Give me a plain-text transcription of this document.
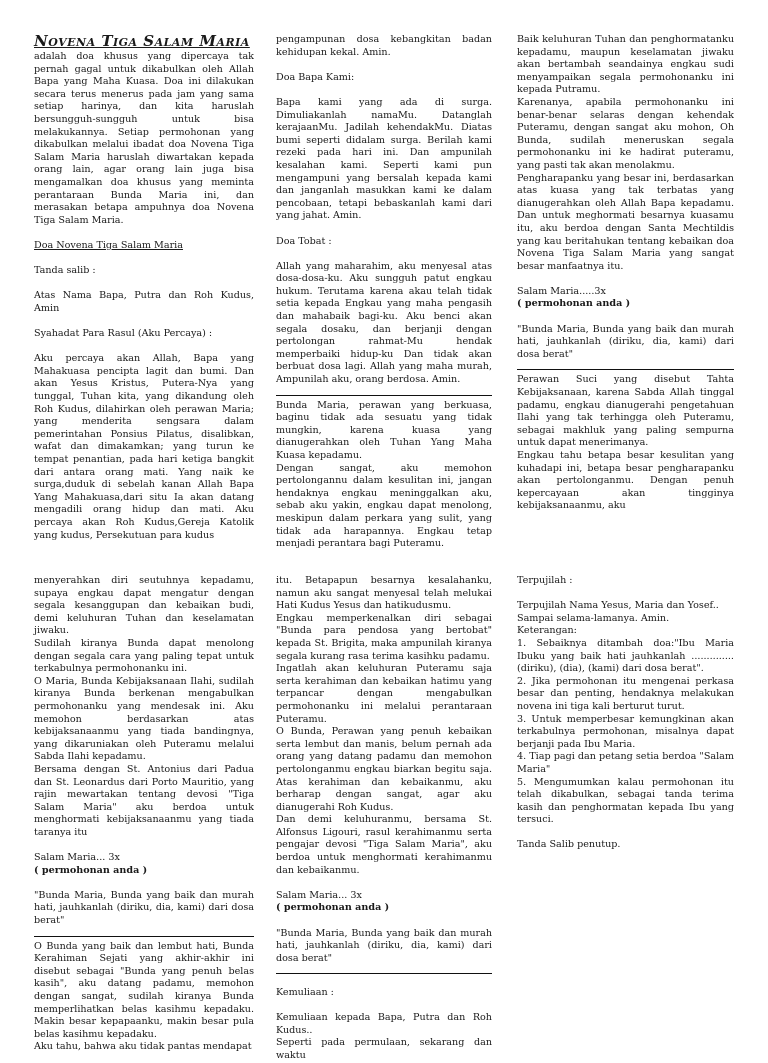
Novena Tiga Salam Maria

adalah doa khusus yang dipercaya tak pernah gagal untuk dikabulkan oleh Allah Bapa yang Maha Kuasa. Doa ini dilakukan secara terus menerus pada jam yang sama setiap harinya, dan kita haruslah bersungguh-sungguh untuk bisa melakukannya. Setiap permohonan yang dikabulkan melalui ibadat doa Novena Tiga Salam Maria haruslah diwartakan kepada orang lain, agar orang lain juga bisa mengamalkan doa khusus yang meminta perantaraan Bunda Maria ini, dan merasakan betapa ampuhnya doa Novena Tiga Salam Maria.

Doa Novena Tiga Salam Maria

Tanda salib :

Atas Nama Bapa, Putra dan Roh Kudus, Amin

Syahadat Para Rasul (Aku Percaya) :

Aku percaya akan Allah, Bapa yang Mahakuasa pencipta lagit dan bumi. Dan akan Yesus Kristus, Putera-Nya yang tunggal, Tuhan kita, yang dikandung oleh Roh Kudus, dilahirkan oleh perawan Maria; yang menderita sengsara dalam pemerintahan Ponsius Pilatus, disalibkan, wafat dan dimakamkan; yang turun ke tempat penantian, pada hari ketiga bangkit dari antara orang mati. Yang naik ke surga,duduk di sebelah kanan Allah Bapa Yang Mahakuasa,dari situ Ia akan datang mengadili orang hidup dan mati. Aku percaya akan Roh Kudus,Gereja Katolik yang kudus, Persekutuan para kudus

pengampunan dosa kebangkitan badan kehidupan kekal. Amin.

Doa Bapa Kami:

Bapa kami yang ada di surga. Dimuliakanlah namaMu. Datanglah kerajaanMu. Jadilah kehendakMu. Diatas bumi seperti didalam surga. Berilah kami rezeki pada hari ini. Dan ampunilah kesalahan kami. Seperti kami pun mengampuni yang bersalah kepada kami dan janganlah masukkan kami ke dalam pencobaan, tetapi bebaskanlah kami dari yang jahat. Amin.

Doa Tobat :

Allah yang maharahim, aku menyesal atas dosa-dosa-ku. Aku sungguh patut engkau hukum. Terutama karena akau telah tidak setia kepada Engkau yang maha pengasih dan mahabaik bagi-ku. Aku benci akan segala dosaku, dan berjanji dengan pertolongan rahmat-Mu hendak memperbaiki hidup-ku Dan tidak akan berbuat dosa lagi. Allah yang maha murah, Ampunilah aku, orang berdosa. Amin.

Bunda Maria, perawan yang berkuasa, baginu tidak ada sesuatu yang tidak mungkin, karena kuasa yang dianugerahkan oleh Tuhan Yang Maha Kuasa kepadamu.
Dengan sangat, aku memohon pertolongannu dalam kesulitan ini, jangan hendaknya engkau meninggalkan aku, sebab aku yakin, engkau dapat menolong, meskipun dalam perkara yang sulit, yang tidak ada harapannya. Engkau tetap menjadi perantara bagi Puteramu.

Baik keluhuran Tuhan dan penghormatanku kepadamu, maupun keselamatan jiwaku akan bertambah seandainya engkau sudi menyampaikan segala permohonanku ini kepada Putramu.
Karenanya, apabila permohonanku ini benar-benar selaras dengan kehendak Puteramu, dengan sangat aku mohon, Oh Bunda, sudilah meneruskan segala permohonanku ini ke hadirat puteramu, yang pasti tak akan menolakmu.
Pengharapanku yang besar ini, berdasarkan atas kuasa yang tak terbatas yang dianugerahkan oleh Allah Bapa kepadamu. Dan untuk meghormati besarnya kuasamu itu, aku berdoa dengan Santa Mechtildis yang kau beritahukan tentang kebaikan doa Novena Tiga Salam Maria yang sangat besar manfaatnya itu.

Salam Maria.....3x

( permohonan anda )

"Bunda Maria, Bunda yang baik dan murah hati, jauhkanlah (diriku, dia, kami) dari dosa berat"

Perawan Suci yang disebut Tahta Kebijaksanaan, karena Sabda Allah tinggal padamu, engkau dianugerahi pengetahuan Ilahi yang tak terhingga oleh Puteramu, sebagai makhluk yang paling sempurna untuk dapat menerimanya.
Engkau tahu betapa besar kesulitan yang kuhadapi ini, betapa besar pengharapanku akan pertolonganmu. Dengan penuh kepercayaan akan tingginya kebijaksanaanmu, aku

menyerahkan diri seutuhnya kepadamu, supaya engkau dapat mengatur dengan segala kesanggupan dan kebaikan budi, demi keluhuran Tuhan dan keselamatan jiwaku.
Sudilah kiranya Bunda dapat menolong dengan segala cara yang paling tepat untuk terkabulnya permohonanku ini.
O Maria, Bunda Kebijaksanaan Ilahi, sudilah kiranya Bunda berkenan mengabulkan permohonanku yang mendesak ini. Aku memohon berdasarkan atas kebijaksanaanmu yang tiada bandingnya, yang dikaruniakan oleh Puteramu melalui Sabda Ilahi kepadamu.
Bersama dengan St. Antonius dari Padua dan St. Leonardus dari Porto Mauritio, yang rajin mewartakan tentang devosi "Tiga Salam Maria" aku berdoa untuk menghormati kebijaksanaanmu yang tiada taranya itu

Salam Maria... 3x

( permohonan anda )

"Bunda Maria, Bunda yang baik dan murah hati, jauhkanlah (diriku, dia, kami) dari dosa berat"

O Bunda yang baik dan lembut hati, Bunda Kerahiman Sejati yang akhir-akhir ini disebut sebagai "Bunda yang penuh belas kasih", aku datang padamu, memohon dengan sangat, sudilah kiranya Bunda memperlihatkan belas kasihmu kepadaku. Makin besar kepapaanku, makin besar pula belas kasihmu kepadaku.
Aku tahu, bahwa aku tidak pantas mendapat

itu. Betapapun besarnya kesalahanku, namun aku sangat menyesal telah melukai Hati Kudus Yesus dan hatikudusmu.
Engkau memperkenalkan diri sebagai "Bunda para pendosa yang bertobat" kepada St. Brigita, maka ampunilah kiranya segala kurang rasa terima kasihku padamu.
Ingatlah akan keluhuran Puteramu saja serta kerahiman dan kebaikan hatimu yang terpancar dengan mengabulkan permohonanku ini melalui perantaraan Puteramu.
O Bunda, Perawan yang penuh kebaikan serta lembut dan manis, belum pernah ada orang yang datang padamu dan memohon pertolonganmu engkau biarkan begitu saja. Atas kerahiman dan kebaikanmu, aku berharap dengan sangat, agar aku dianugerahi Roh Kudus.
Dan demi keluhuranmu, bersama St. Alfonsus Ligouri, rasul kerahimanmu serta pengajar devosi "Tiga Salam Maria", aku berdoa untuk menghormati kerahimanmu dan kebaikanmu.

Salam Maria... 3x

( permohonan anda )

"Bunda Maria, Bunda yang baik dan murah hati, jauhkanlah (diriku, dia, kami) dari dosa berat"

Kemuliaan :

Kemuliaan kepada Bapa, Putra dan Roh Kudus..
Seperti pada permulaan, sekarang dan waktu

Terpujilah :

Terpujilah Nama Yesus, Maria dan Yosef..
Sampai selama-lamanya. Amin.
Keterangan:
1. Sebaiknya ditambah doa:"Ibu Maria Ibuku yang baik hati jauhkanlah .............. (diriku), (dia), (kami) dari dosa berat".
2. Jika permohonan itu mengenai perkasa besar dan penting, hendaknya melakukan novena ini tiga kali berturut turut.
3. Untuk memperbesar kemungkinan akan terkabulnya permohonan, misalnya dapat berjanji pada Ibu Maria.
4. Tiap pagi dan petang setia berdoa "Salam Maria"
5. Mengumumkan kalau permohonan itu telah dikabulkan, sebagai tanda terima kasih dan penghormatan kepada Ibu yang tersuci.

Tanda Salib penutup.
